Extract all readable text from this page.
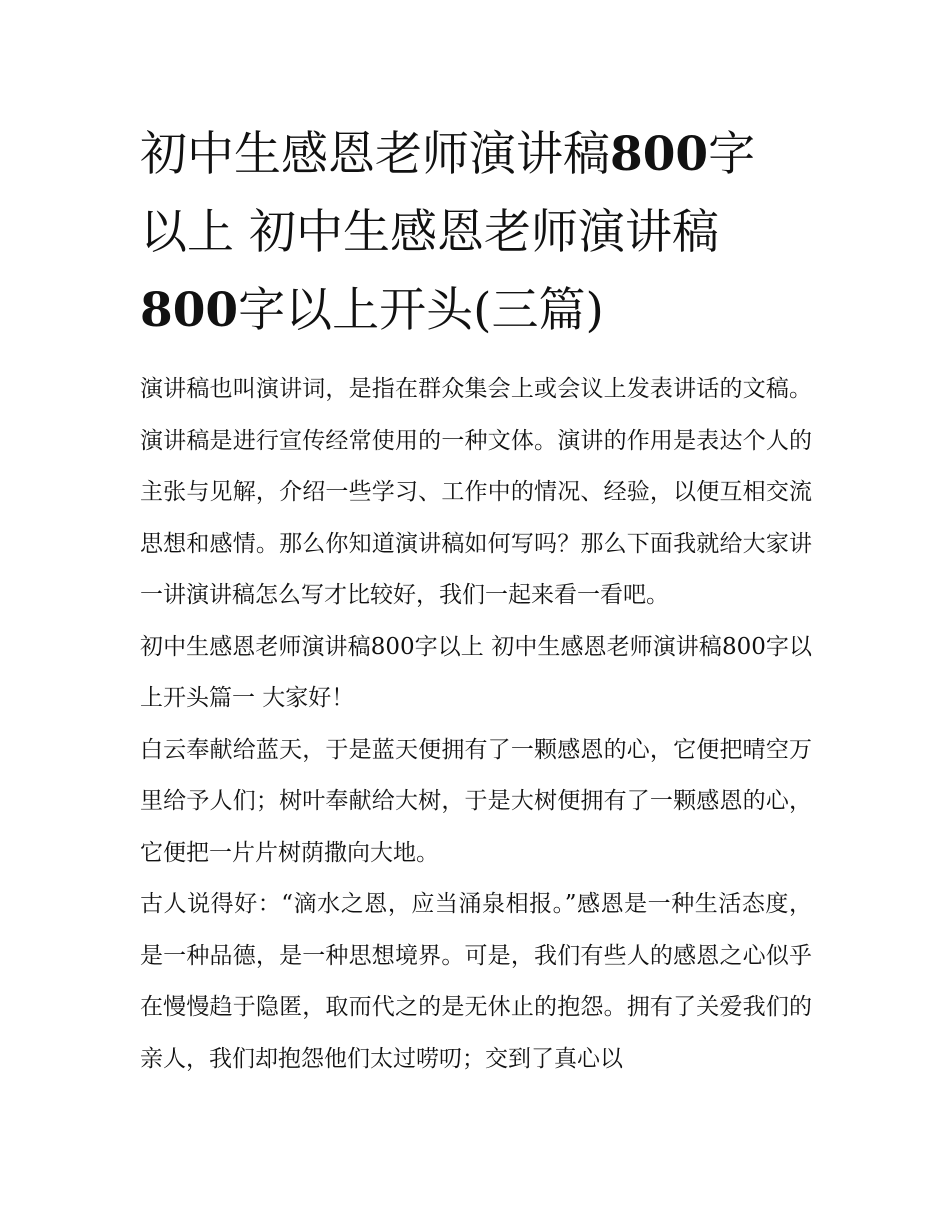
初中生感恩老师演讲稿800字
以上 初中生感恩老师演讲稿
800字以上开头(三篇)

演讲稿也叫演讲词，是指在群众集会上或会议上发表讲话的文稿。演讲稿是进行宣传经常使用的一种文体。演讲的作用是表达个人的主张与见解，介绍一些学习、工作中的情况、经验，以便互相交流思想和感情。那么你知道演讲稿如何写吗？那么下面我就给大家讲一讲演讲稿怎么写才比较好，我们一起来看一看吧。

初中生感恩老师演讲稿800字以上 初中生感恩老师演讲稿800字以上开头篇一 大家好！

白云奉献给蓝天，于是蓝天便拥有了一颗感恩的心，它便把晴空万里给予人们；树叶奉献给大树，于是大树便拥有了一颗感恩的心，它便把一片片树荫撒向大地。

古人说得好：“滴水之恩，应当涌泉相报。”感恩是一种生活态度，是一种品德，是一种思想境界。可是，我们有些人的感恩之心似乎在慢慢趋于隐匿，取而代之的是无休止的抱怨。拥有了关爱我们的亲人，我们却抱怨他们太过唠叨；交到了真心以
